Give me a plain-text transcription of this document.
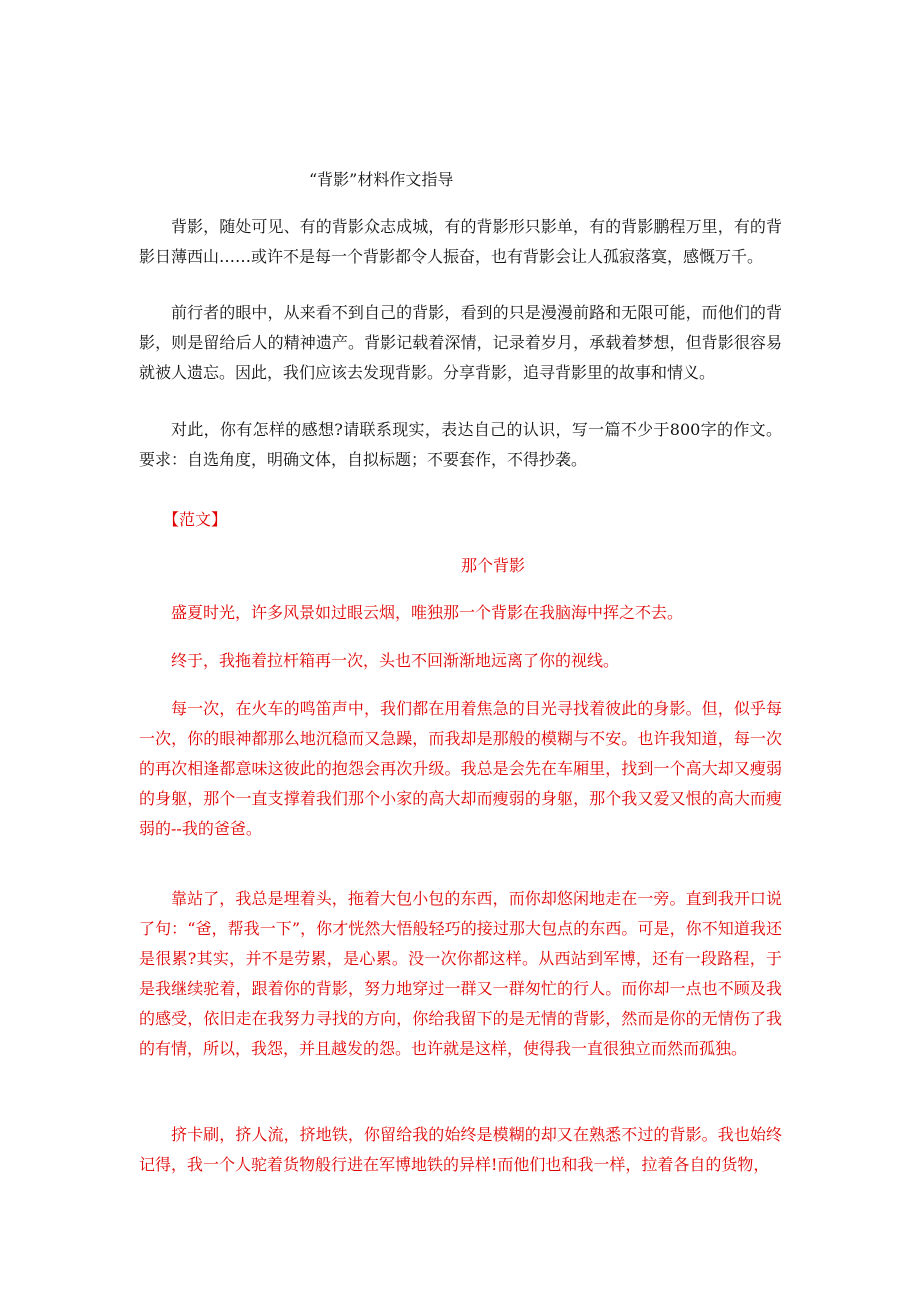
“背影”材料作文指导

背影，随处可见、有的背影众志成城，有的背影形只影单，有的背影鹏程万里，有的背影日薄西山……或许不是每一个背影都令人振奋，也有背影会让人孤寂落寞，感慨万千。

前行者的眼中，从来看不到自己的背影，看到的只是漫漫前路和无限可能，而他们的背影，则是留给后人的精神遗产。背影记载着深情，记录着岁月，承载着梦想，但背影很容易就被人遗忘。因此，我们应该去发现背影。分享背影，追寻背影里的故事和情义。

对此，你有怎样的感想?请联系现实，表达自己的认识，写一篇不少于800字的作文。要求：自选角度，明确文体，自拟标题；不要套作，不得抄袭。

【范文】
那个背影

盛夏时光，许多风景如过眼云烟，唯独那一个背影在我脑海中挥之不去。

终于，我拖着拉杆箱再一次，头也不回渐渐地远离了你的视线。

每一次，在火车的鸣笛声中，我们都在用着焦急的目光寻找着彼此的身影。但，似乎每一次，你的眼神都那么地沉稳而又急躁，而我却是那般的模糊与不安。也许我知道，每一次的再次相逢都意味这彼此的抱怨会再次升级。我总是会先在车厢里，找到一个高大却又瘦弱的身躯，那个一直支撑着我们那个小家的高大却而瘦弱的身躯，那个我又爱又恨的高大而瘦弱的--我的爸爸。

靠站了，我总是埋着头，拖着大包小包的东西，而你却悠闲地走在一旁。直到我开口说了句：“爸，帮我一下”，你才恍然大悟般轻巧的接过那大包点的东西。可是，你不知道我还是很累?其实，并不是劳累，是心累。没一次你都这样。从西站到军博，还有一段路程，于是我继续驼着，跟着你的背影，努力地穿过一群又一群匆忙的行人。而你却一点也不顾及我的感受，依旧走在我努力寻找的方向，你给我留下的是无情的背影，然而是你的无情伤了我的有情，所以，我怨，并且越发的怨。也许就是这样，使得我一直很独立而然而孤独。

挤卡刷，挤人流，挤地铁，你留给我的始终是模糊的却又在熟悉不过的背影。我也始终记得，我一个人驼着货物般行进在军博地铁的异样!而他们也和我一样，拉着各自的货物，
